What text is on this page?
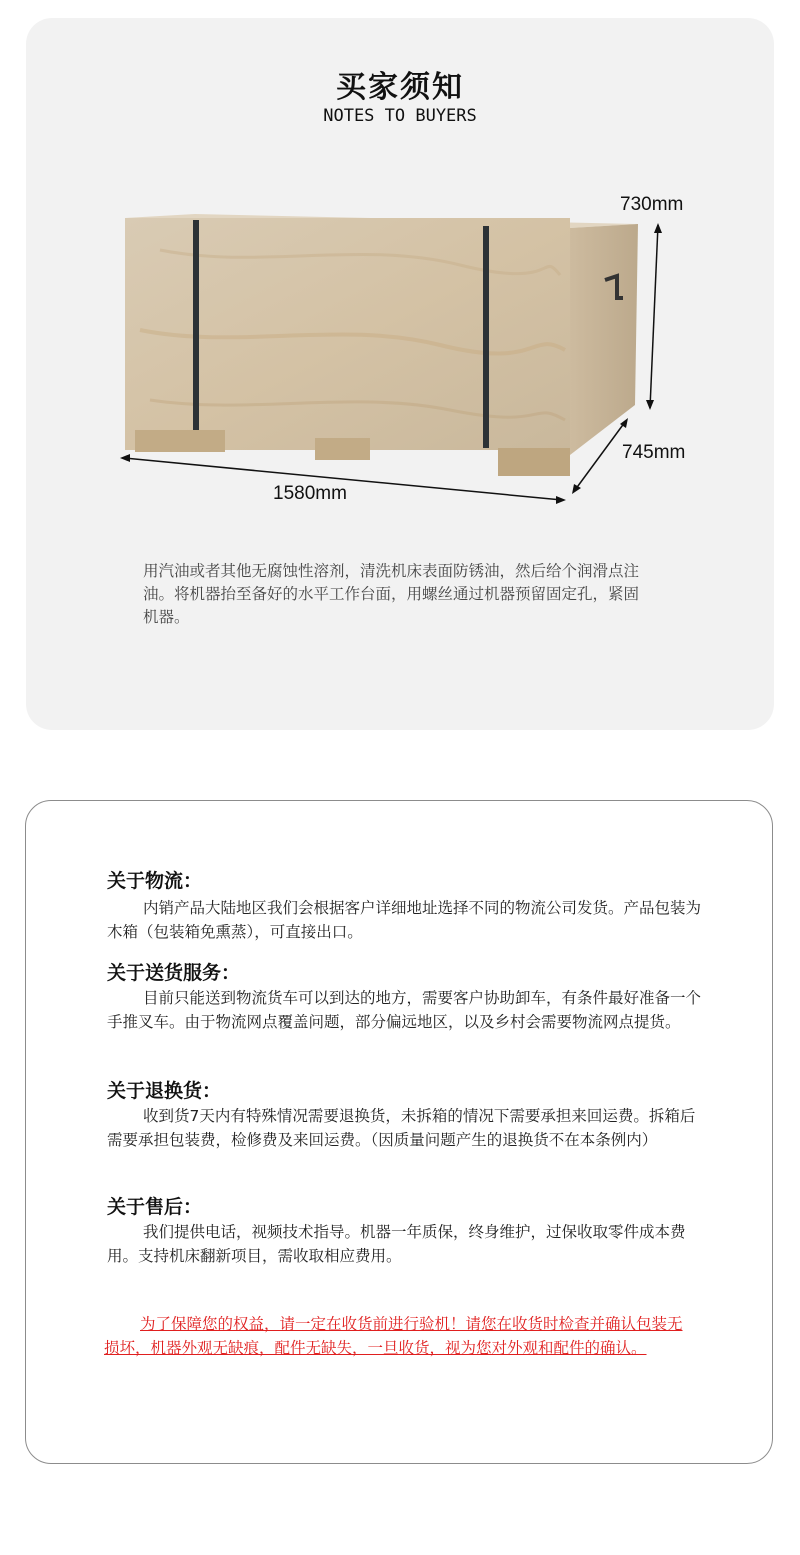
买家须知
NOTES TO BUYERS
730mm
745mm
1580mm
用汽油或者其他无腐蚀性溶剂，清洗机床表面防锈油，然后给个润滑点注油。将机器抬至备好的水平工作台面，用螺丝通过机器预留固定孔，紧固机器。
关于物流：
内销产品大陆地区我们会根据客户详细地址选择不同的物流公司发货。产品包装为木箱（包装箱免熏蒸），可直接出口。
关于送货服务：
目前只能送到物流货车可以到达的地方，需要客户协助卸车，有条件最好准备一个手推叉车。由于物流网点覆盖问题，部分偏远地区，以及乡村会需要物流网点提货。
关于退换货：
收到货7天内有特殊情况需要退换货，未拆箱的情况下需要承担来回运费。拆箱后需要承担包装费，检修费及来回运费。（因质量问题产生的退换货不在本条例内）
关于售后：
我们提供电话，视频技术指导。机器一年质保，终身维护，过保收取零件成本费用。支持机床翻新项目，需收取相应费用。
为了保障您的权益，请一定在收货前进行验机！请您在收货时检查并确认包装无损坏，机器外观无缺痕，配件无缺失，一旦收货，视为您对外观和配件的确认。
